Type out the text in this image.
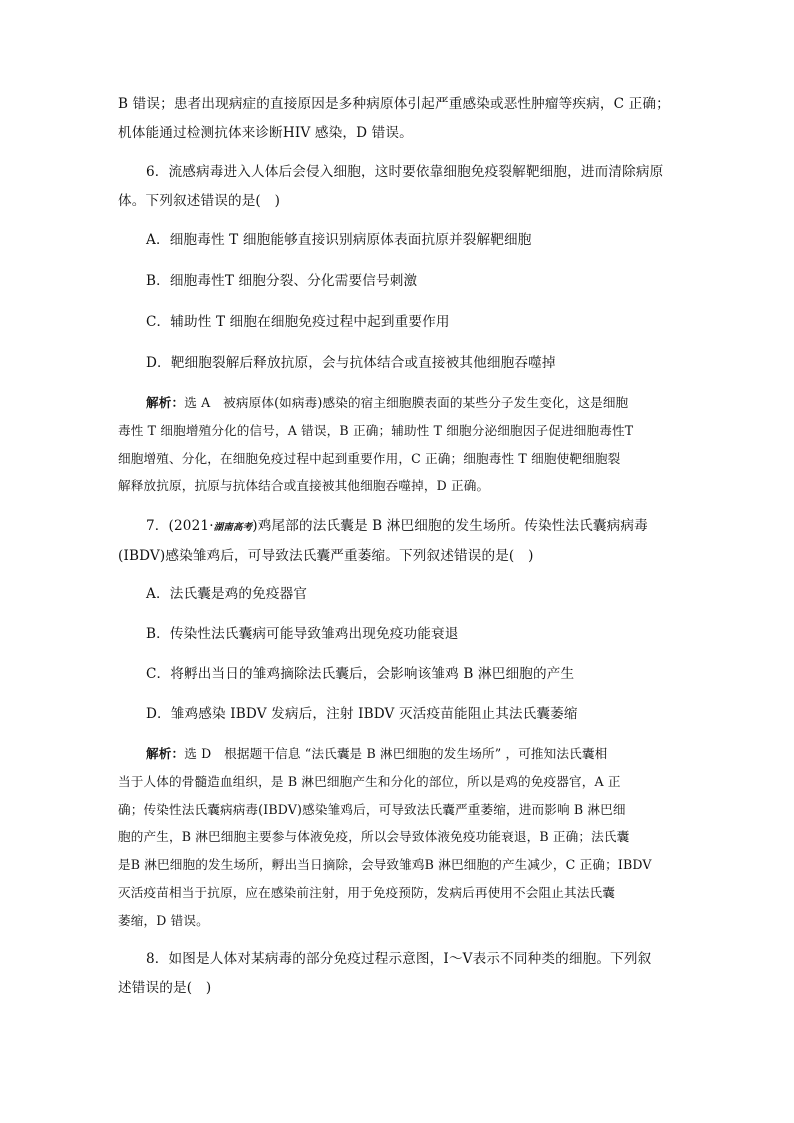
B 错误；患者出现病症的直接原因是多种病原体引起严重感染或恶性肿瘤等疾病，C 正确；

机体能通过检测抗体来诊断HIV 感染，D 错误。

6．流感病毒进入人体后会侵入细胞，这时要依靠细胞免疫裂解靶细胞，进而清除病原

体。下列叙述错误的是(　)

A．细胞毒性 T 细胞能够直接识别病原体表面抗原并裂解靶细胞

B．细胞毒性T 细胞分裂、分化需要信号刺激

C．辅助性 T 细胞在细胞免疫过程中起到重要作用

D．靶细胞裂解后释放抗原，会与抗体结合或直接被其他细胞吞噬掉

解析：选 A　被病原体(如病毒)感染的宿主细胞膜表面的某些分子发生变化，这是细胞

毒性 T 细胞增殖分化的信号，A 错误，B 正确；辅助性 T 细胞分泌细胞因子促进细胞毒性T

细胞增殖、分化，在细胞免疫过程中起到重要作用，C 正确；细胞毒性 T 细胞使靶细胞裂

解释放抗原，抗原与抗体结合或直接被其他细胞吞噬掉，D 正确。

7．(2021·湖南高考)鸡尾部的法氏囊是 B 淋巴细胞的发生场所。传染性法氏囊病病毒

(IBDV)感染雏鸡后，可导致法氏囊严重萎缩。下列叙述错误的是(　)

A．法氏囊是鸡的免疫器官

B．传染性法氏囊病可能导致雏鸡出现免疫功能衰退

C．将孵出当日的雏鸡摘除法氏囊后，会影响该雏鸡 B 淋巴细胞的产生

D．雏鸡感染 IBDV 发病后，注射 IBDV 灭活疫苗能阻止其法氏囊萎缩

解析：选 D　根据题干信息 “法氏囊是 B 淋巴细胞的发生场所” ，可推知法氏囊相

当于人体的骨髓造血组织，是 B 淋巴细胞产生和分化的部位，所以是鸡的免疫器官，A 正

确；传染性法氏囊病病毒(IBDV)感染雏鸡后，可导致法氏囊严重萎缩，进而影响 B 淋巴细

胞的产生，B 淋巴细胞主要参与体液免疫，所以会导致体液免疫功能衰退，B 正确；法氏囊

是B 淋巴细胞的发生场所，孵出当日摘除，会导致雏鸡B 淋巴细胞的产生减少，C 正确；IBDV

灭活疫苗相当于抗原，应在感染前注射，用于免疫预防，发病后再使用不会阻止其法氏囊

萎缩，D 错误。

8．如图是人体对某病毒的部分免疫过程示意图，Ⅰ～Ⅴ表示不同种类的细胞。下列叙

述错误的是(　)
